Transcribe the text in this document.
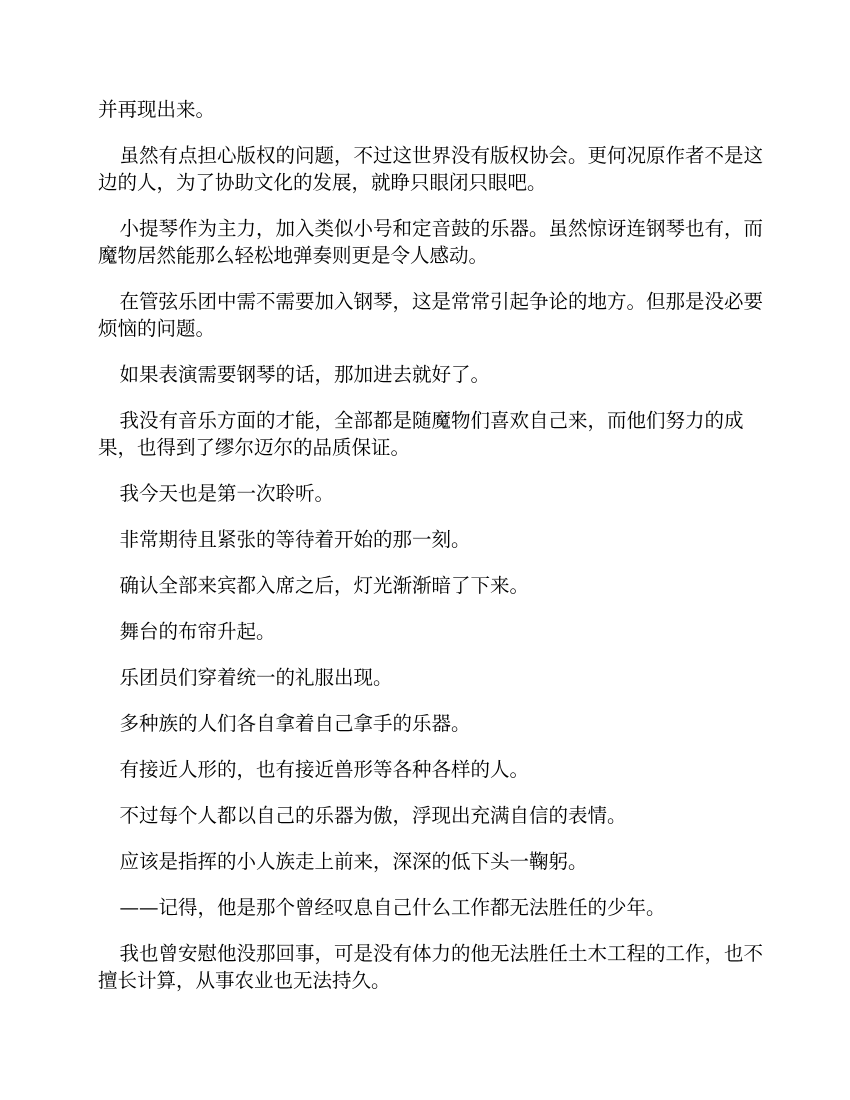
并再现出来。

虽然有点担心版权的问题，不过这世界没有版权协会。更何况原作者不是这边的人，为了协助文化的发展，就睁只眼闭只眼吧。

小提琴作为主力，加入类似小号和定音鼓的乐器。虽然惊讶连钢琴也有，而魔物居然能那么轻松地弹奏则更是令人感动。

在管弦乐团中需不需要加入钢琴，这是常常引起争论的地方。但那是没必要烦恼的问题。

如果表演需要钢琴的话，那加进去就好了。

我没有音乐方面的才能，全部都是随魔物们喜欢自己来，而他们努力的成果，也得到了缪尔迈尔的品质保证。

我今天也是第一次聆听。

非常期待且紧张的等待着开始的那一刻。

确认全部来宾都入席之后，灯光渐渐暗了下来。

舞台的布帘升起。

乐团员们穿着统一的礼服出现。

多种族的人们各自拿着自己拿手的乐器。

有接近人形的，也有接近兽形等各种各样的人。

不过每个人都以自己的乐器为傲，浮现出充满自信的表情。

应该是指挥的小人族走上前来，深深的低下头一鞠躬。

——记得，他是那个曾经叹息自己什么工作都无法胜任的少年。

我也曾安慰他没那回事，可是没有体力的他无法胜任土木工程的工作，也不擅长计算，从事农业也无法持久。
